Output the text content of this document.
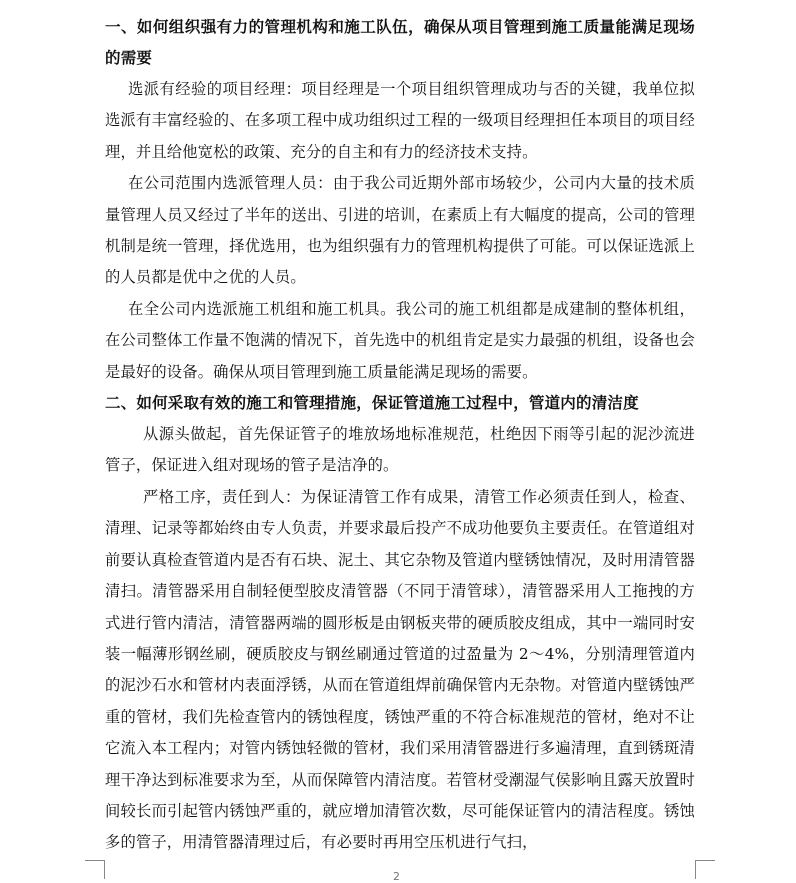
一、如何组织强有力的管理机构和施工队伍，确保从项目管理到施工质量能满足现场的需要

选派有经验的项目经理：项目经理是一个项目组织管理成功与否的关键，我单位拟选派有丰富经验的、在多项工程中成功组织过工程的一级项目经理担任本项目的项目经理，并且给他宽松的政策、充分的自主和有力的经济技术支持。

在公司范围内选派管理人员：由于我公司近期外部市场较少，公司内大量的技术质量管理人员又经过了半年的送出、引进的培训，在素质上有大幅度的提高，公司的管理机制是统一管理，择优选用，也为组织强有力的管理机构提供了可能。可以保证选派上的人员都是优中之优的人员。

在全公司内选派施工机组和施工机具。我公司的施工机组都是成建制的整体机组，在公司整体工作量不饱满的情况下，首先选中的机组肯定是实力最强的机组，设备也会是最好的设备。确保从项目管理到施工质量能满足现场的需要。

二、如何采取有效的施工和管理措施，保证管道施工过程中，管道内的清洁度

从源头做起，首先保证管子的堆放场地标准规范，杜绝因下雨等引起的泥沙流进管子，保证进入组对现场的管子是洁净的。

严格工序，责任到人：为保证清管工作有成果，清管工作必须责任到人，检查、清理、记录等都始终由专人负责，并要求最后投产不成功他要负主要责任。在管道组对前要认真检查管道内是否有石块、泥土、其它杂物及管道内壁锈蚀情况，及时用清管器清扫。清管器采用自制轻便型胶皮清管器（不同于清管球），清管器采用人工拖拽的方式进行管内清洁，清管器两端的圆形板是由钢板夹带的硬质胶皮组成，其中一端同时安装一幅薄形钢丝刷，硬质胶皮与钢丝刷通过管道的过盈量为 2～4%，分别清理管道内的泥沙石水和管材内表面浮锈，从而在管道组焊前确保管内无杂物。对管道内壁锈蚀严重的管材，我们先检查管内的锈蚀程度，锈蚀严重的不符合标准规范的管材，绝对不让它流入本工程内；对管内锈蚀轻微的管材，我们采用清管器进行多遍清理，直到锈斑清理干净达到标准要求为至，从而保障管内清洁度。若管材受潮湿气侯影响且露天放置时间较长而引起管内锈蚀严重的，就应增加清管次数，尽可能保证管内的清洁程度。锈蚀多的管子，用清管器清理过后，有必要时再用空压机进行气扫，

2
